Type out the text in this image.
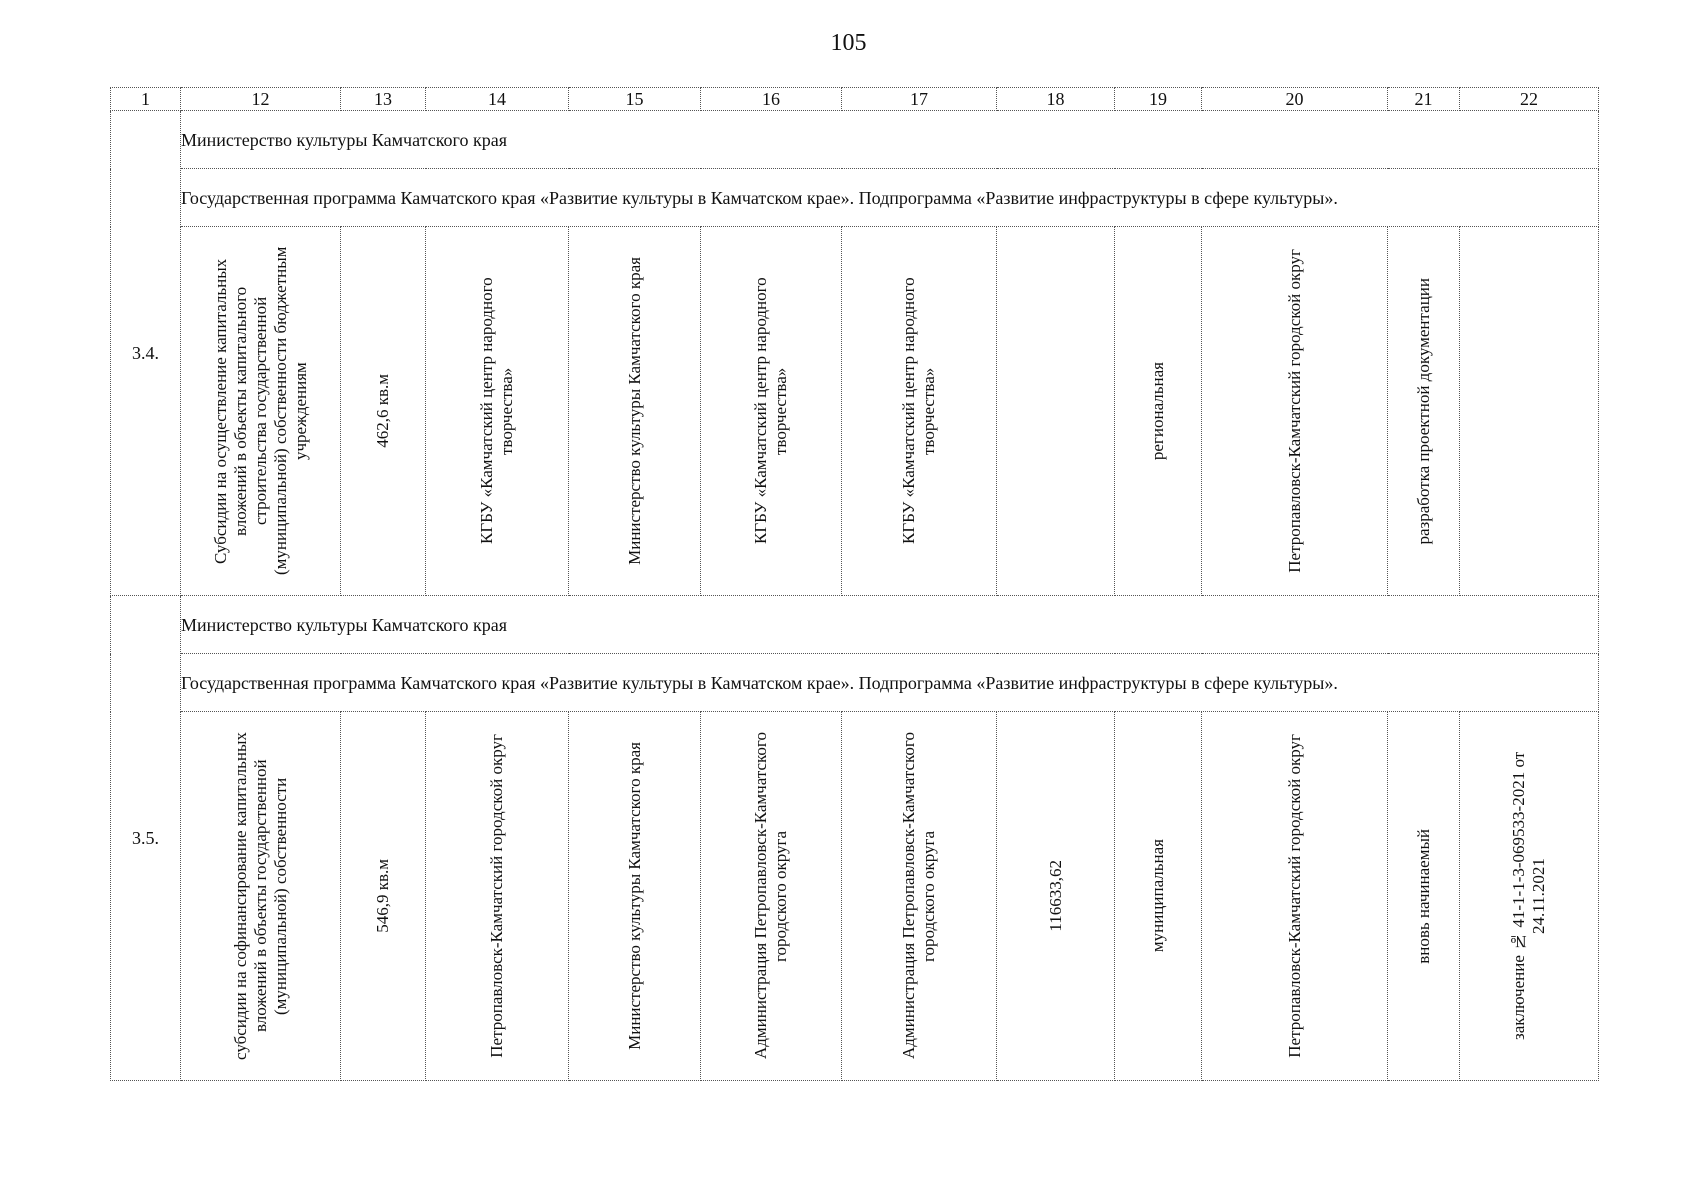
105
1	12	13	14	15	16	17	18	19	20	21	22
3.4.	Министерство культуры Камчатского края										
	Государственная программа Камчатского края «Развитие культуры в Камчатском крае». Подпрограмма «Развитие инфраструктуры в сфере культуры».										

	Субсидии на осуществление капитальных вложений в объекты капитального строительства государственной (муниципальной) собственности бюджетным учреждениям	462,6 кв.м	КГБУ «Камчатский центр народного творчества»	Министерство культуры Камчатского края	КГБУ «Камчатский центр народного творчества»	КГБУ «Камчатский центр народного творчества»		региональная	Петропавловск-Камчатский городской округ	разработка проектной документации	

3.5.	Министерство культуры Камчатского края										
	Государственная программа Камчатского края «Развитие культуры в Камчатском крае». Подпрограмма «Развитие инфраструктуры в сфере культуры».										

	субсидии на софинансирование капитальных вложений в объекты государственной (муниципальной) собственности	546,9 кв.м	Петропавловск-Камчатский городской округ	Министерство культуры Камчатского края	Администрация Петропавловск-Камчатского городского округа	Администрация Петропавловск-Камчатского городского округа	116633,62	муниципальная	Петропавловск-Камчатский городской округ	вновь начинаемый	заключение № 41-1-1-3-069533-2021 от 24.11.2021
